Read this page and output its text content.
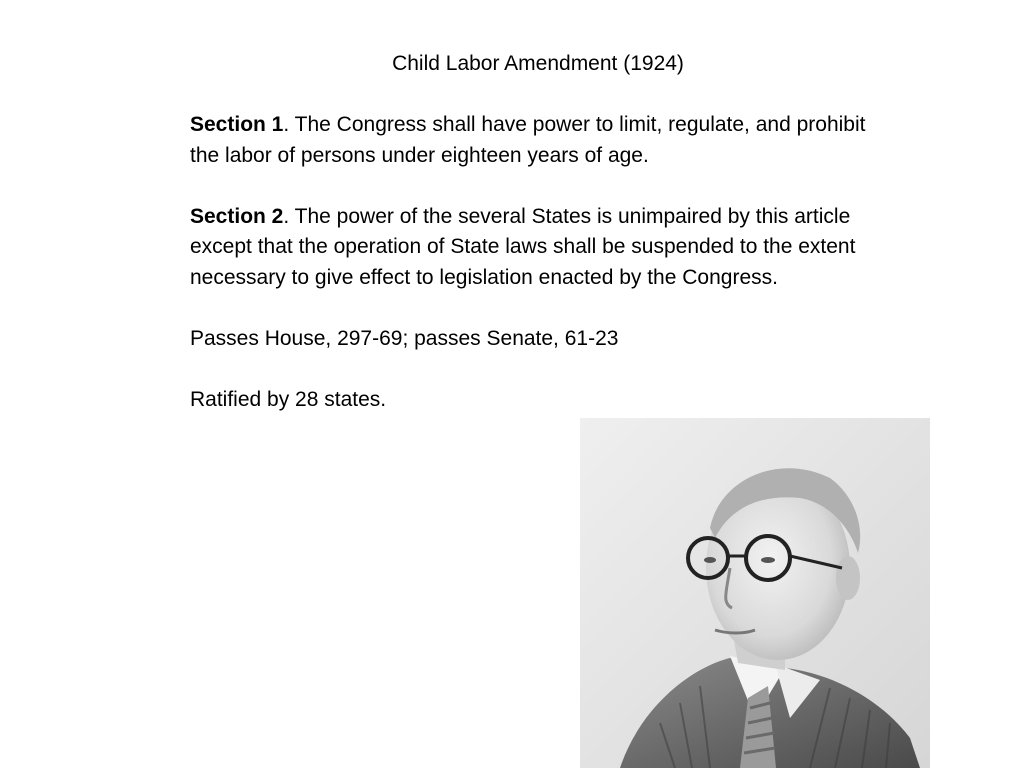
Child Labor Amendment (1924)

Section 1. The Congress shall have power to limit, regulate, and prohibit the labor of persons under eighteen years of age.

Section 2. The power of the several States is unimpaired by this article except that the operation of State laws shall be suspended to the extent necessary to give effect to legislation enacted by the Congress.

Passes House, 297-69; passes Senate, 61-23

Ratified by 28 states.
